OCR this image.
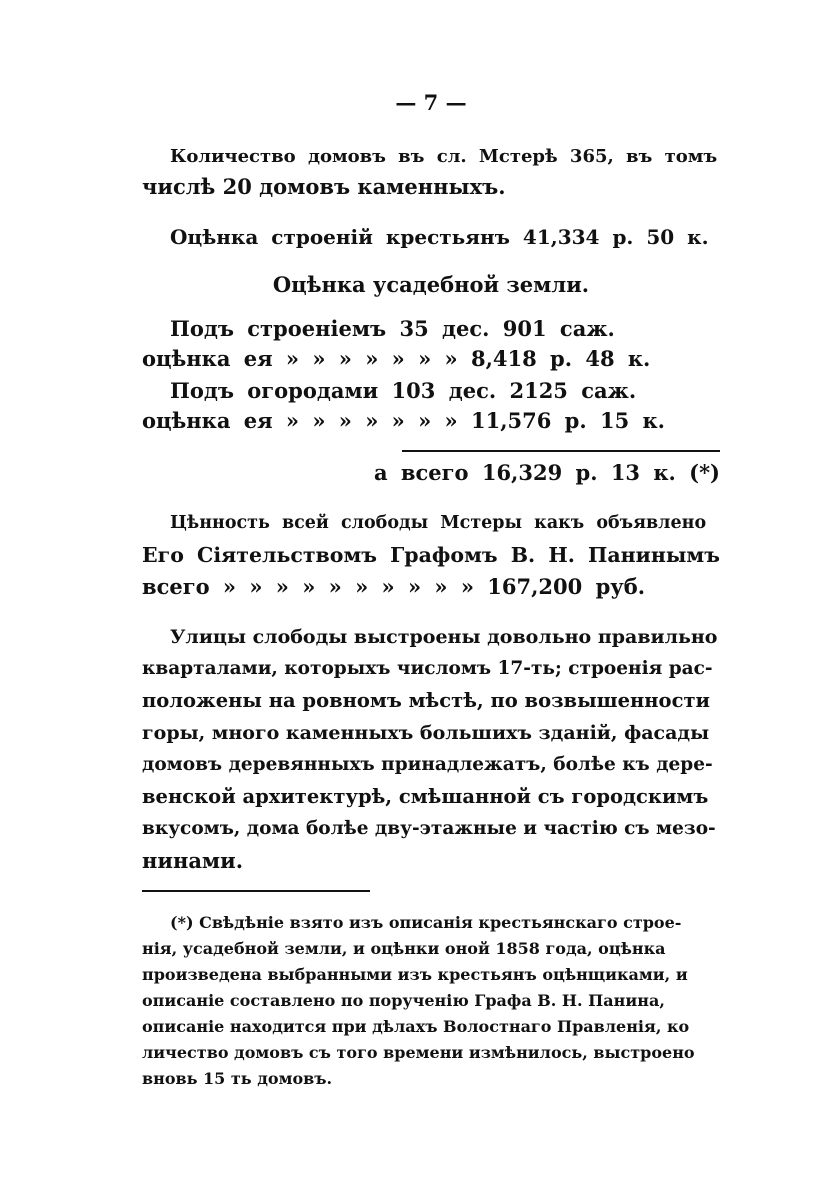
— 7 —
Количество домовъ въ сл. Мстерѣ 365, въ томъ
числѣ 20 домовъ каменныхъ.
Оцѣнка строеній крестьянъ 41,334 р. 50 к.
Оцѣнка усадебной земли.
Подъ строеніемъ 35 дес. 901 саж.
оцѣнка ея » » » » » » » 8,418 р. 48 к.
Подъ огородами 103 дес. 2125 саж.
оцѣнка ея » » » » » » » 11,576 р. 15 к.
а всего 16,329 р. 13 к. (*)
Цѣнность всей слободы Мстеры какъ объявлено
Его Сіятельствомъ Графомъ В. Н. Панинымъ
всего » » » » » » » » » » 167,200 руб.
Улицы слободы выстроены довольно правильно
кварталами, которыхъ числомъ 17-ть; строенія рас-
положены на ровномъ мѣстѣ, по возвышенности
горы, много каменныхъ большихъ зданій, фасады
домовъ деревянныхъ принадлежатъ, болѣе къ дере-
венской архитектурѣ, смѣшанной съ городскимъ
вкусомъ, дома болѣе дву-этажные и частію съ мезо-
нинами.
(*) Свѣдѣніе взято изъ описанія крестьянскаго строе-
нія, усадебной земли, и оцѣнки оной 1858 года, оцѣнка
произведена выбранными изъ крестьянъ оцѣнщиками, и
описаніе составлено по порученію Графа В. Н. Панина,
описаніе находится при дѣлахъ Волостнаго Правленія, ко
личество домовъ съ того времени измѣнилось, выстроено
вновь 15 ть домовъ.
